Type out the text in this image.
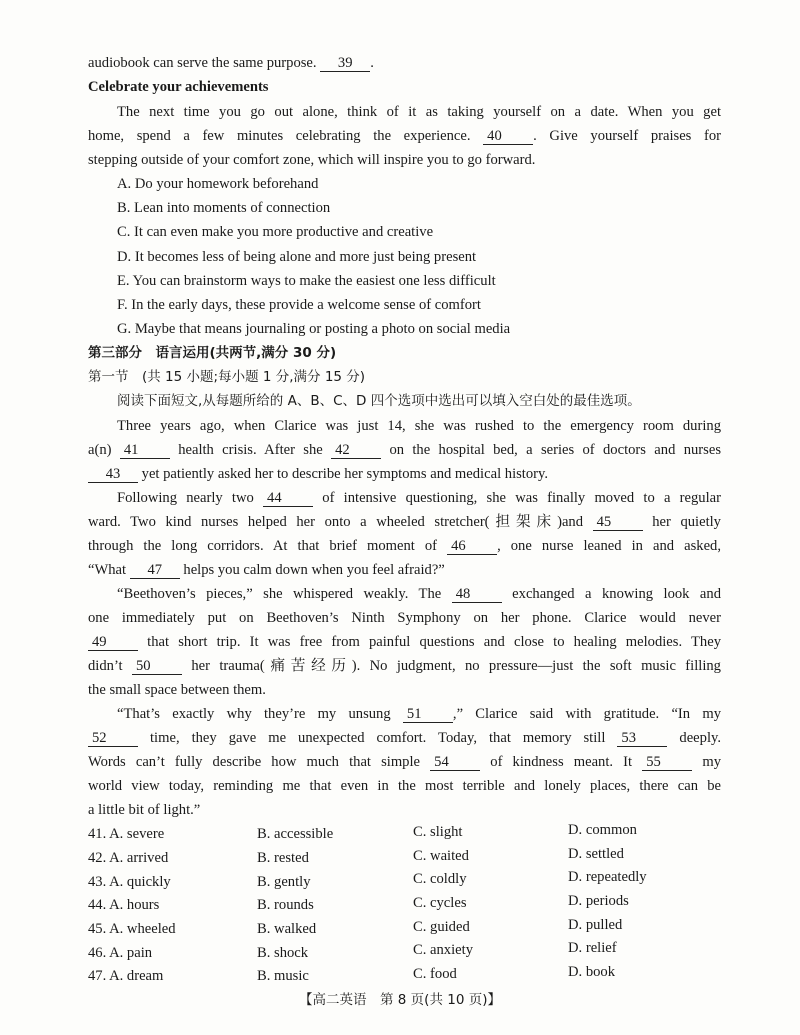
audiobook can serve the same purpose. 39 .
Celebrate your achievements
The next time you go out alone, think of it as taking yourself on a date. When you get
home, spend a few minutes celebrating the experience. 40 . Give yourself praises for
stepping outside of your comfort zone, which will inspire you to go forward.
A. Do your homework beforehand
B. Lean into moments of connection
C. It can even make you more productive and creative
D. It becomes less of being alone and more just being present
E. You can brainstorm ways to make the easiest one less difficult
F. In the early days, these provide a welcome sense of comfort
G. Maybe that means journaling or posting a photo on social media
第三部分　语言运用(共两节,满分 30 分)
第一节　(共 15 小题;每小题 1 分,满分 15 分)
阅读下面短文,从每题所给的 A、B、C、D 四个选项中选出可以填入空白处的最佳选项。
Three years ago, when Clarice was just 14, she was rushed to the emergency room during
a(n) 41	health crisis. After she 42	on the hospital bed, a series of doctors and nurses
43 yet patiently asked her to describe her symptoms and medical history.
Following nearly two 44	of intensive questioning, she was finally moved to a regular
ward. Two kind nurses helped her onto a wheeled stretcher(担架床)and 45	her quietly
through the long corridors. At that brief moment of 46 , one nurse leaned in and asked,
“What 47 helps you calm down when you feel afraid?”
“Beethoven’s pieces,” she whispered weakly. The 48	exchanged a knowing look and
one immediately put on Beethoven’s Ninth Symphony on her phone. Clarice would never
49	that short trip. It was free from painful questions and close to healing melodies. They
didn’t 50	her trauma(痛苦经历). No judgment, no pressure—just the soft music filling
the small space between them.
“That’s exactly why they’re my unsung 51 ,” Clarice said with gratitude. “In my
52	time, they gave me unexpected comfort. Today, that memory still 53	deeply.
Words can’t fully describe how much that simple 54	of kindness meant. It 55	my
world view today, reminding me that even in the most terrible and lonely places, there can be
a little bit of light.”
41. A. severe	B. accessible	C. slight	D. common
42. A. arrived	B. rested	C. waited	D. settled
43. A. quickly	B. gently	C. coldly	D. repeatedly
44. A. hours	B. rounds	C. cycles	D. periods
45. A. wheeled	B. walked	C. guided	D. pulled
46. A. pain	B. shock	C. anxiety	D. relief
47. A. dream	B. music	C. food	D. book
【高二英语　第 8 页(共 10 页)】
